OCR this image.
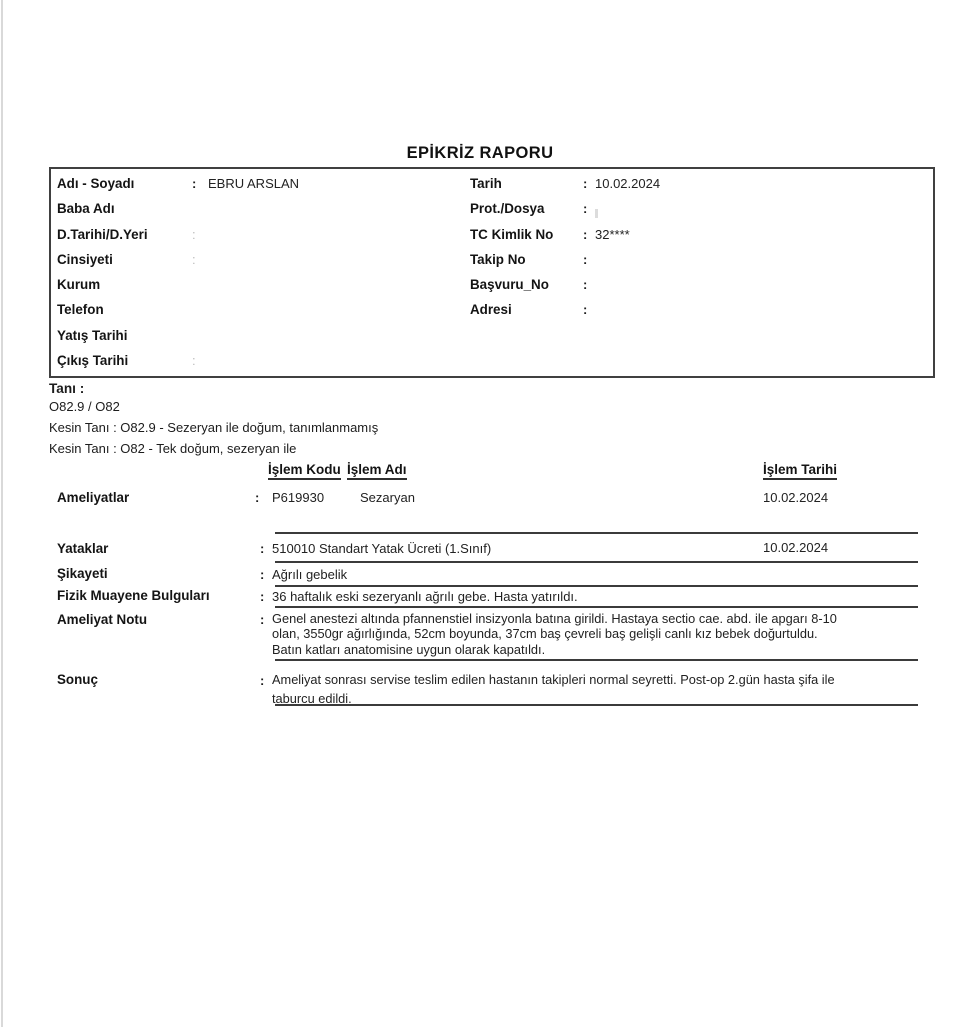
EPİKRİZ RAPORU
Adı - Soyadı	: EBRU ARSLAN
Baba Adı
D.Tarihi/D.Yeri	:
Cinsiyeti	:
Kurum
Telefon
Yatış Tarihi
Çıkış Tarihi	:
Tarih	: 10.02.2024
Prot./Dosya	:
TC Kimlik No	: 32****
Takip No	:
Başvuru_No	:
Adresi	:
Tanı :
O82.9 / O82
Kesin Tanı : O82.9 - Sezeryan ile doğum, tanımlanmamış
Kesin Tanı : O82 - Tek doğum, sezeryan ile
İşlem Kodu İşlem Adı	İşlem Tarihi
Ameliyatlar	: P619930	Sezaryan	10.02.2024
Yataklar	: 510010 Standart Yatak Ücreti (1.Sınıf)	10.02.2024
Şikayeti	: Ağrılı gebelik
Fizik Muayene Bulguları	: 36 haftalık eski sezeryanlı ağrılı gebe. Hasta yatırıldı.
Ameliyat Notu	: Genel anestezi altında pfannenstiel insizyonla batına girildi. Hastaya sectio cae. abd. ile apgarı 8-10
olan, 3550gr ağırlığında, 52cm boyunda, 37cm baş çevreli baş gelişli canlı kız bebek doğurtuldu.
Batın katları anatomisine uygun olarak kapatıldı.
Sonuç	: Ameliyat sonrası servise teslim edilen hastanın takipleri normal seyretti. Post-op 2.gün hasta şifa ile
taburcu edildi.
